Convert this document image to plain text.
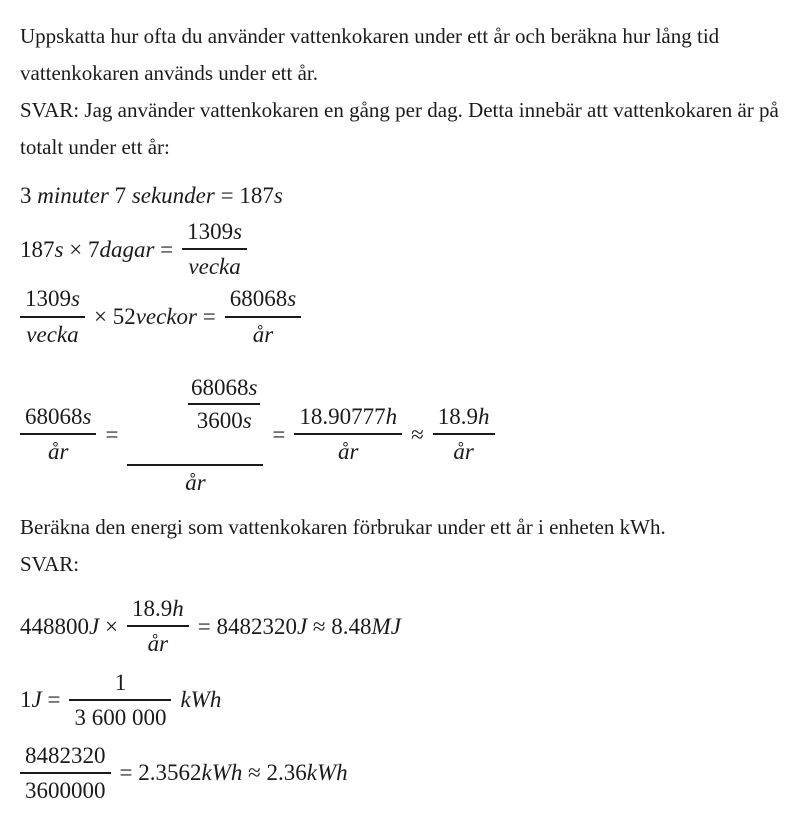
Uppskatta hur ofta du använder vattenkokaren under ett år och beräkna hur lång tid vattenkokaren används under ett år.

SVAR: Jag använder vattenkokaren en gång per dag. Detta innebär att vattenkokaren är på totalt under ett år:

3 minuter 7 sekunder = 187s
187s × 7dagar = $\frac{1309s}{\text{vecka}}$
$\frac{1309s}{\text{vecka}}$ × 52veckor = $\frac{68068s}{år}$
$\frac{68068s}{år}$ =

$\frac{\frac{68068s}{3600s}}{år} = \frac{18.90777h}{år} \approx \frac{18.9h}{år}$

Beräkna den energi som vattenkokaren förbrukar under ett år i enheten kWh.

SVAR:

$448800J \times \frac{18.9h}{år} = 8482320J \approx 8.48MJ$
$1J = \frac{1}{3 600 000}$ kWh
$\frac{8482320}{3600000} = 2.3562kWh \approx 2.36kWh$
